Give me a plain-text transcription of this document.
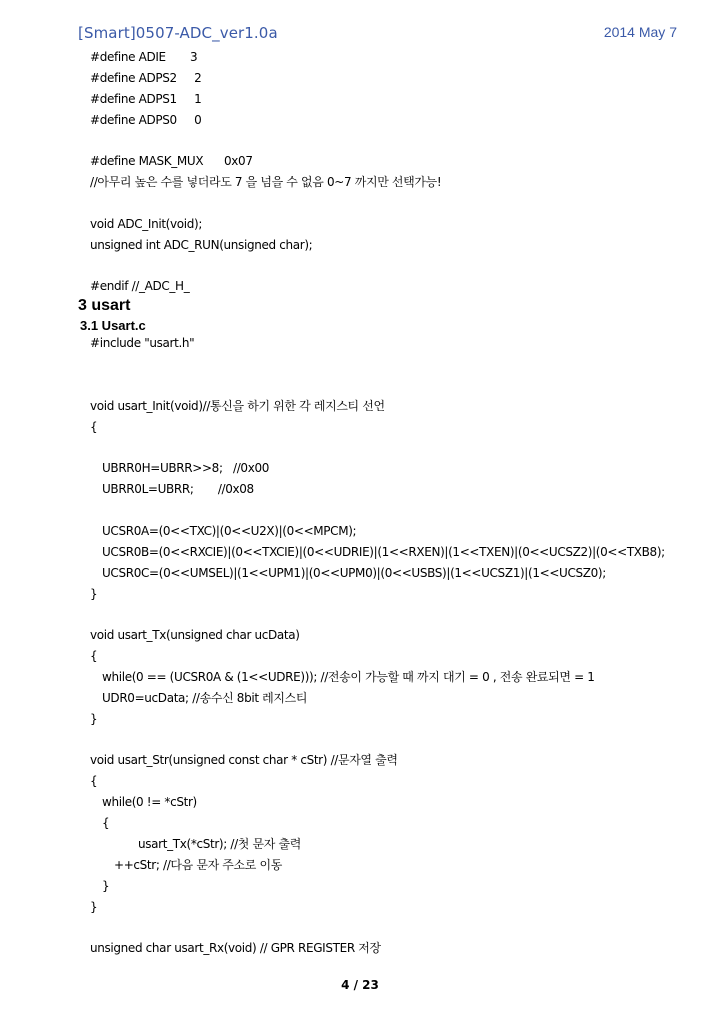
[Smart]0507-ADC_ver1.0a	2014 May 7
#define ADIE       3
#define ADPS2     2
#define ADPS1     1
#define ADPS0     0
#define MASK_MUX      0x07
//아무리 높은 수를 넣더라도 7 을 넘을 수 없음 0~7 까지만 선택가능!
void ADC_Init(void);
unsigned int ADC_RUN(unsigned char);
#endif //_ADC_H_
3 usart
3.1 Usart.c
#include "usart.h"
void usart_Init(void)//통신을 하기 위한 각 레지스티 선언
{
UBRR0H=UBRR>>8;   //0x00
UBRR0L=UBRR;       //0x08
UCSR0A=(0<<TXC)|(0<<U2X)|(0<<MPCM);
UCSR0B=(0<<RXCIE)|(0<<TXCIE)|(0<<UDRIE)|(1<<RXEN)|(1<<TXEN)|(0<<UCSZ2)|(0<<TXB8);
UCSR0C=(0<<UMSEL)|(1<<UPM1)|(0<<UPM0)|(0<<USBS)|(1<<UCSZ1)|(1<<UCSZ0);
}
void usart_Tx(unsigned char ucData)
{
while(0 == (UCSR0A & (1<<UDRE))); //전송이 가능할 때 까지 대기 = 0 , 전송 완료되면 = 1
UDR0=ucData; //송수신 8bit 레지스티
}
void usart_Str(unsigned const char * cStr) //문자열 출력
{
while(0 != *cStr)
{
usart_Tx(*cStr); //첫 문자 출력
++cStr; //다음 문자 주소로 이동
}
}
unsigned char usart_Rx(void) // GPR REGISTER 저장
4 / 23
